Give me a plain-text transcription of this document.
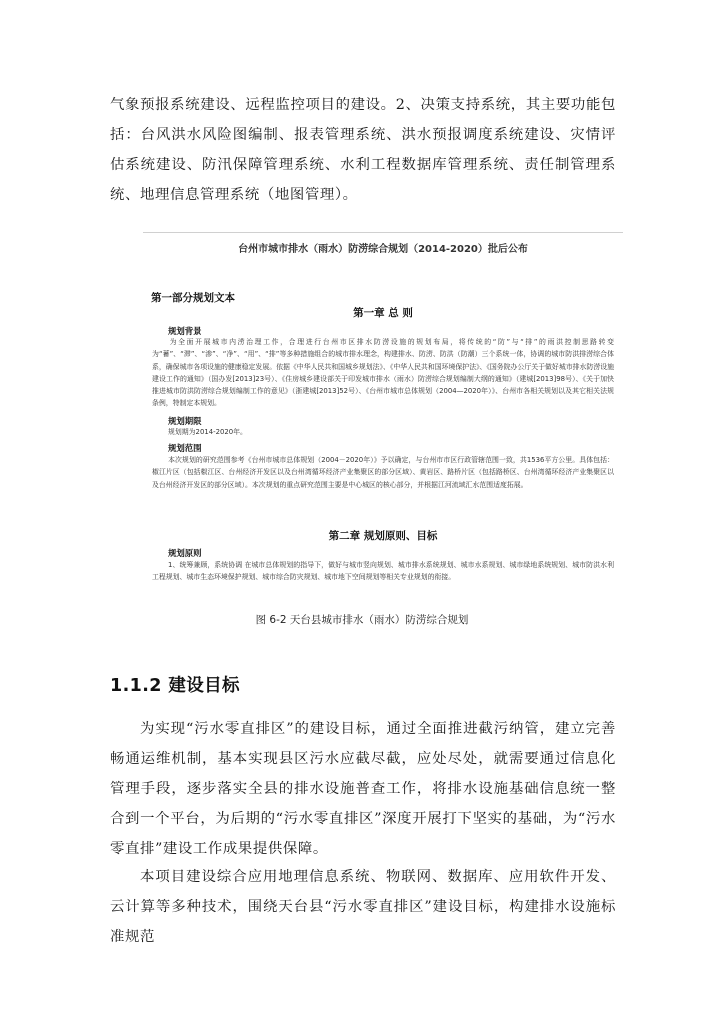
气象预报系统建设、远程监控项目的建设。2、决策支持系统，其主要功能包括：台风洪水风险图编制、报表管理系统、洪水预报调度系统建设、灾情评估系统建设、防汛保障管理系统、水利工程数据库管理系统、责任制管理系统、地理信息管理系统（地图管理）。

台州市城市排水（雨水）防涝综合规划（2014-2020）批后公布
第一部分规划文本
第一章 总 则
规划背景

为全面开展城市内涝治理工作，合理进行台州市区排水防涝设施的规划布局，将传统的“防”与“排”的雨洪控制思路转变为“蓄”、“滞”、“渗”、“净”、“用”、“排”等多种措施组合的城市排水理念，构建排水、防涝、防洪（防潮）三个系统一体，协调的城市防洪排涝综合体系，确保城市各项设施的健康稳定发展。依据《中华人民共和国城乡规划法》、《中华人民共和国环境保护法》、《国务院办公厅关于做好城市排水防涝设施建设工作的通知》（国办发[2013]23号）、《住房城乡建设部关于印发城市排水（雨水）防涝综合规划编制大纲的通知》（建城[2013]98号）、《关于加快推进城市防洪防涝综合规划编制工作的意见》（浙建城[2013]52号）、《台州市城市总体规划（2004—2020年）》、台州市各相关规划以及其它相关法规条例，特制定本规划。

规划期限

规划期为2014-2020年。

规划范围

本次规划的研究范围参考《台州市城市总体规划（2004－2020年）》予以确定，与台州市市区行政管辖范围一致，共1536平方公里。具体包括：椒江片区（包括椒江区、台州经济开发区以及台州湾循环经济产业集聚区的部分区域）、黄岩区、路桥片区（包括路桥区、台州湾循环经济产业集聚区以及台州经济开发区的部分区域）。本次规划的重点研究范围主要是中心城区的核心部分，并根据江河流域汇水范围适度拓展。

第二章 规划原则、目标
规划原则

1、统筹兼顾，系统协调 在城市总体规划的指导下，做好与城市竖向规划、城市排水系统规划、城市水系规划、城市绿地系统规划、城市防洪水利工程规划、城市生态环境保护规划、城市综合防灾规划、城市地下空间规划等相关专业规划的衔接。

图 6-2 天台县城市排水（雨水）防涝综合规划
1.1.2 建设目标

为实现“污水零直排区”的建设目标，通过全面推进截污纳管，建立完善畅通运维机制，基本实现县区污水应截尽截，应处尽处，就需要通过信息化管理手段，逐步落实全县的排水设施普查工作，将排水设施基础信息统一整合到一个平台，为后期的“污水零直排区”深度开展打下坚实的基础，为“污水零直排”建设工作成果提供保障。

本项目建设综合应用地理信息系统、物联网、数据库、应用软件开发、云计算等多种技术，围绕天台县“污水零直排区”建设目标，构建排水设施标准规范
